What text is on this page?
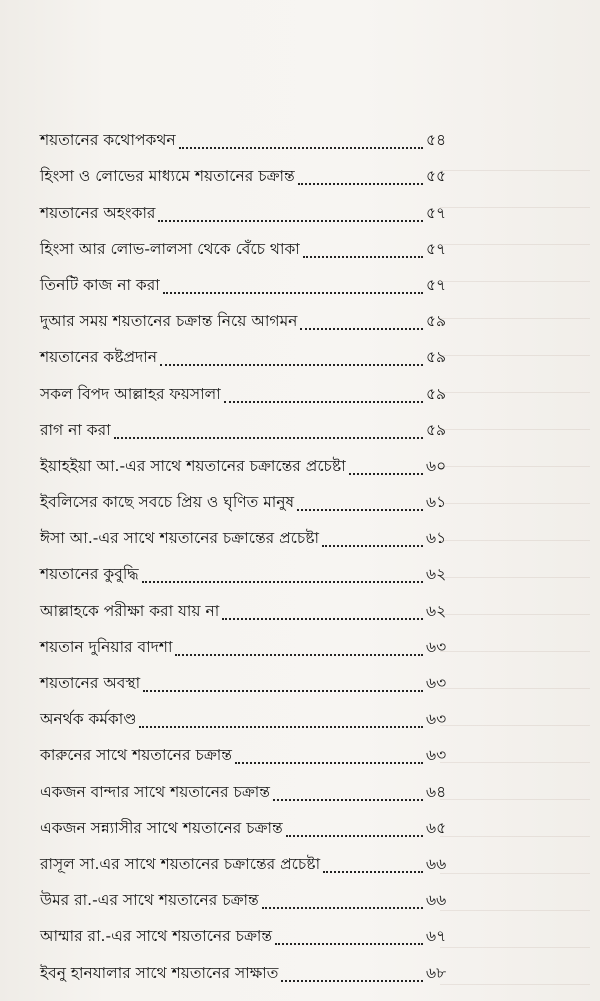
শয়তানের কথোপকথন	৫৪
হিংসা ও লোভের মাধ্যমে শয়তানের চক্রান্ত	৫৫
শয়তানের অহংকার	৫৭
হিংসা আর লোভ-লালসা থেকে বেঁচে থাকা	৫৭
তিনটি কাজ না করা	৫৭
দুআর সময় শয়তানের চক্রান্ত নিয়ে আগমন	৫৯
শয়তানের কষ্টপ্রদান	৫৯
সকল বিপদ আল্লাহর ফয়সালা	৫৯
রাগ না করা	৫৯
ইয়াহইয়া আ.-এর সাথে শয়তানের চক্রান্তের প্রচেষ্টা	৬০
ইবলিসের কাছে সবচে প্রিয় ও ঘৃণিত মানুষ	৬১
ঈসা আ.-এর সাথে শয়তানের চক্রান্তের প্রচেষ্টা	৬১
শয়তানের কুবুদ্ধি	৬২
আল্লাহকে পরীক্ষা করা যায় না	৬২
শয়তান দুনিয়ার বাদশা	৬৩
শয়তানের অবস্থা	৬৩
অনর্থক কর্মকাণ্ড	৬৩
কারুনের সাথে শয়তানের চক্রান্ত	৬৩
একজন বান্দার সাথে শয়তানের চক্রান্ত	৬৪
একজন সন্ন্যাসীর সাথে শয়তানের চক্রান্ত	৬৫
রাসূল সা.এর সাথে শয়তানের চক্রান্তের প্রচেষ্টা	৬৬
উমর রা.-এর সাথে শয়তানের চক্রান্ত	৬৬
আম্মার রা.-এর সাথে শয়তানের চক্রান্ত	৬৭
ইবনু হানযালার সাথে শয়তানের সাক্ষাত	৬৮
